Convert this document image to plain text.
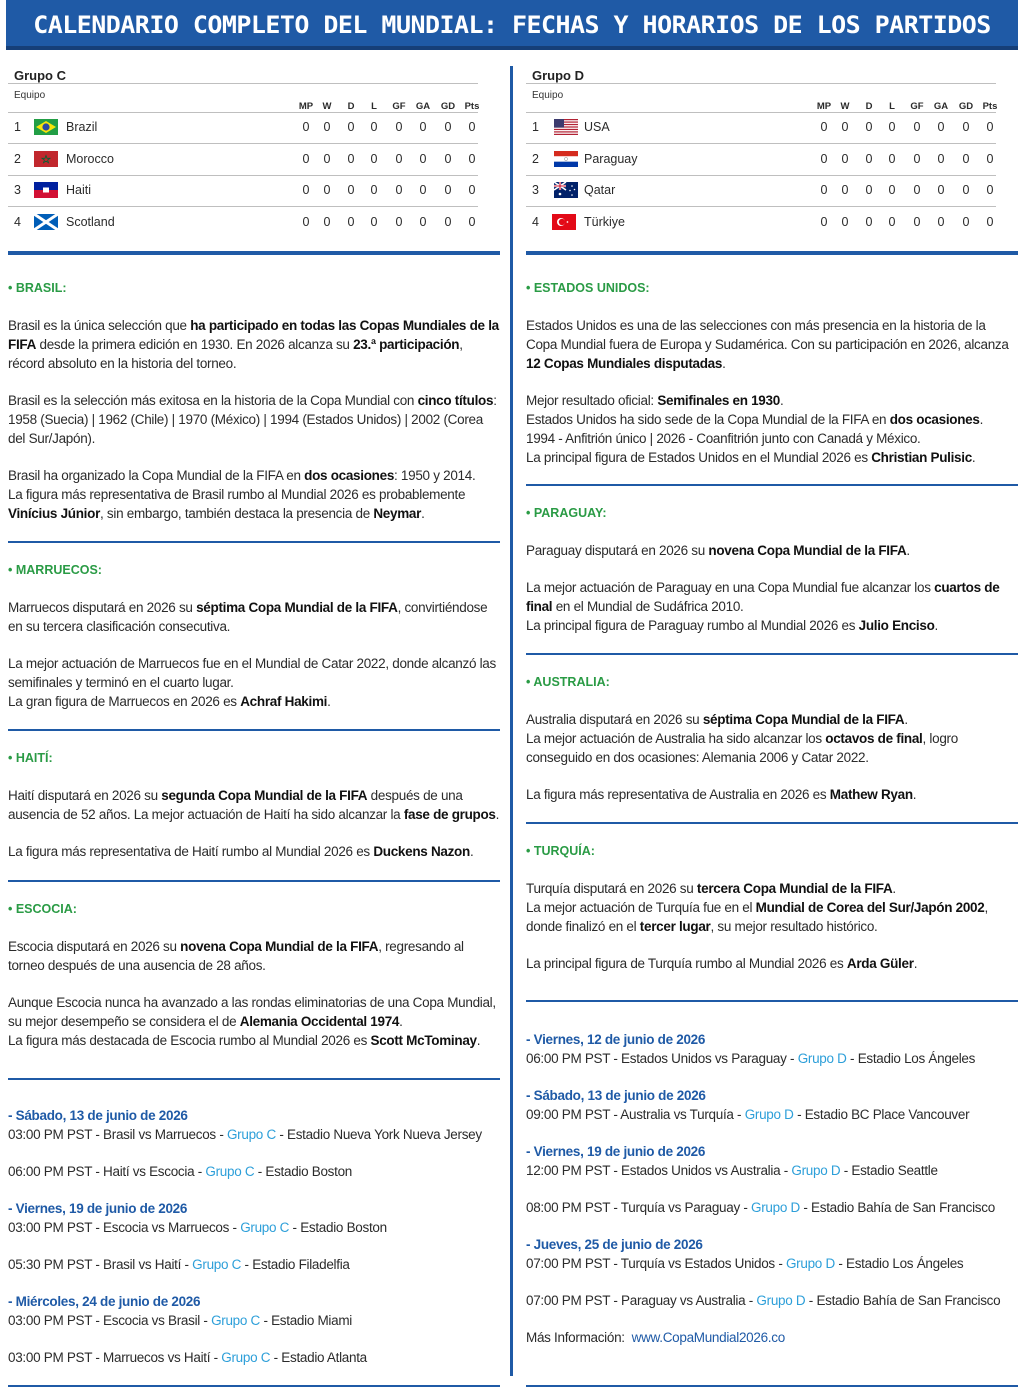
CALENDARIO COMPLETO DEL MUNDIAL: FECHAS Y HORARIOS DE LOS PARTIDOS
Grupo C
Equipo
MP W	D	L	GF	GA	GD Pts
1	Brazil	0	0	0	0	0	0	0	0
2	Morocco	0	0	0	0	0	0	0	0
3	Haiti	0	0	0	0	0	0	0	0
4	Scotland	0	0	0	0	0	0	0	0
Grupo D
Equipo
MP W	D	L	GF	GA	GD Pts
1	USA	0	0	0	0	0	0	0	0
2	Paraguay	0	0	0	0	0	0	0	0
3	Qatar	0	0	0	0	0	0	0	0
4	Türkiye	0	0	0	0	0	0	0	0
• BRASIL:

Brasil es la única selección que ha participado en todas las Copas Mundiales de la FIFA desde la primera edición en 1930. En 2026 alcanza su 23.ª participación, récord absoluto en la historia del torneo.

Brasil es la selección más exitosa en la historia de la Copa Mundial con cinco títulos:
1958 (Suecia) | 1962 (Chile) | 1970 (México) | 1994 (Estados Unidos) | 2002 (Corea del Sur/Japón).

Brasil ha organizado la Copa Mundial de la FIFA en dos ocasiones: 1950 y 2014.
La figura más representativa de Brasil rumbo al Mundial 2026 es probablemente Vinícius Júnior, sin embargo, también destaca la presencia de Neymar.

• MARRUECOS:

Marruecos disputará en 2026 su séptima Copa Mundial de la FIFA, convirtiéndose en su tercera clasificación consecutiva.

La mejor actuación de Marruecos fue en el Mundial de Catar 2022, donde alcanzó las semifinales y terminó en el cuarto lugar.
La gran figura de Marruecos en 2026 es Achraf Hakimi.

• HAITÍ:

Haití disputará en 2026 su segunda Copa Mundial de la FIFA después de una ausencia de 52 años. La mejor actuación de Haití ha sido alcanzar la fase de grupos.

La figura más representativa de Haití rumbo al Mundial 2026 es Duckens Nazon.

• ESCOCIA:

Escocia disputará en 2026 su novena Copa Mundial de la FIFA, regresando al torneo después de una ausencia de 28 años.

Aunque Escocia nunca ha avanzado a las rondas eliminatorias de una Copa Mundial, su mejor desempeño se considera el de Alemania Occidental 1974.
La figura más destacada de Escocia rumbo al Mundial 2026 es Scott McTominay.

- Sábado, 13 de junio de 2026
03:00 PM PST - Brasil vs Marruecos - Grupo C - Estadio Nueva York Nueva Jersey
06:00 PM PST - Haití vs Escocia - Grupo C - Estadio Boston
- Viernes, 19 de junio de 2026
03:00 PM PST - Escocia vs Marruecos - Grupo C - Estadio Boston
05:30 PM PST - Brasil vs Haití - Grupo C - Estadio Filadelfia
- Miércoles, 24 de junio de 2026
03:00 PM PST - Escocia vs Brasil - Grupo C - Estadio Miami
03:00 PM PST - Marruecos vs Haití - Grupo C - Estadio Atlanta
• ESTADOS UNIDOS:

Estados Unidos es una de las selecciones con más presencia en la historia de la Copa Mundial fuera de Europa y Sudamérica. Con su participación en 2026, alcanza 12 Copas Mundiales disputadas.

Mejor resultado oficial: Semifinales en 1930.
Estados Unidos ha sido sede de la Copa Mundial de la FIFA en dos ocasiones.
1994 - Anfitrión único | 2026 - Coanfitrión junto con Canadá y México.
La principal figura de Estados Unidos en el Mundial 2026 es Christian Pulisic.

• PARAGUAY:

Paraguay disputará en 2026 su novena Copa Mundial de la FIFA.

La mejor actuación de Paraguay en una Copa Mundial fue alcanzar los cuartos de final en el Mundial de Sudáfrica 2010.
La principal figura de Paraguay rumbo al Mundial 2026 es Julio Enciso.

• AUSTRALIA:

Australia disputará en 2026 su séptima Copa Mundial de la FIFA.
La mejor actuación de Australia ha sido alcanzar los octavos de final, logro conseguido en dos ocasiones: Alemania 2006 y Catar 2022.

La figura más representativa de Australia en 2026 es Mathew Ryan.

• TURQUÍA:

Turquía disputará en 2026 su tercera Copa Mundial de la FIFA.
La mejor actuación de Turquía fue en el Mundial de Corea del Sur/Japón 2002, donde finalizó en el tercer lugar, su mejor resultado histórico.

La principal figura de Turquía rumbo al Mundial 2026 es Arda Güler.

- Viernes, 12 de junio de 2026
06:00 PM PST - Estados Unidos vs Paraguay - Grupo D - Estadio Los Ángeles
- Sábado, 13 de junio de 2026
09:00 PM PST - Australia vs Turquía - Grupo D - Estadio BC Place Vancouver
- Viernes, 19 de junio de 2026
12:00 PM PST - Estados Unidos vs Australia - Grupo D - Estadio Seattle
08:00 PM PST - Turquía vs Paraguay - Grupo D - Estadio Bahía de San Francisco
- Jueves, 25 de junio de 2026
07:00 PM PST - Turquía vs Estados Unidos - Grupo D - Estadio Los Ángeles
07:00 PM PST - Paraguay vs Australia - Grupo D - Estadio Bahía de San Francisco
Más Información: www.CopaMundial2026.co
